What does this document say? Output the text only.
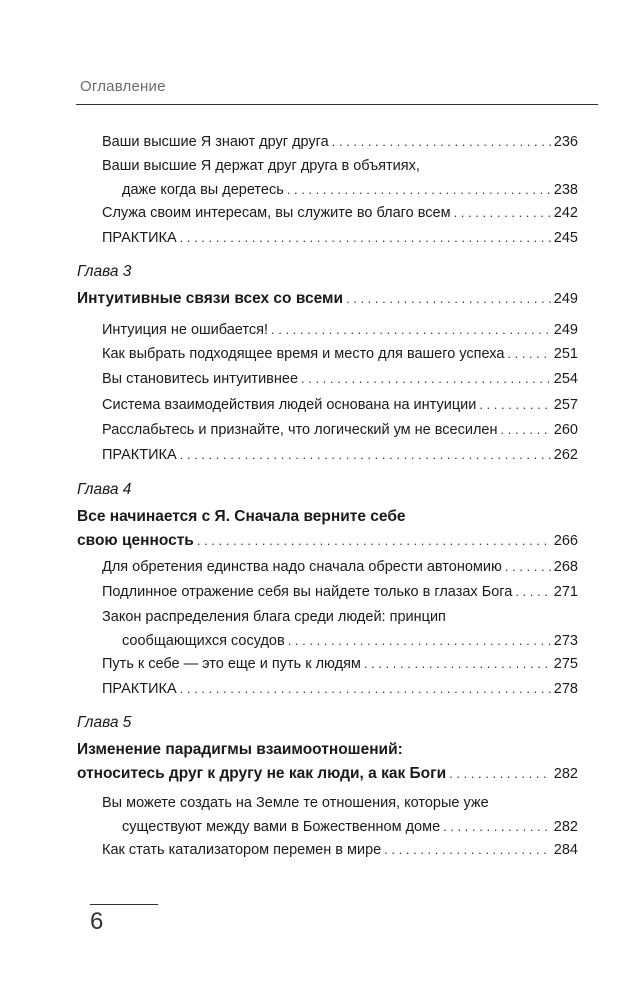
Оглавление
Ваши высшие Я знают друг друга . . .	236
Ваши высшие Я держат друг друга в объятиях,
даже когда вы деретесь . . .	238
Служа своим интересам, вы служите во благо всем . . .	242
ПРАКТИКА . . .	245
Глава 3
Интуитивные связи всех со всеми . . .	249
Интуиция не ошибается! . . .	249
Как выбрать подходящее время и место для вашего успеха . . .	251
Вы становитесь интуитивнее . . .	254
Система взаимодействия людей основана на интуиции . . .	257
Расслабьтесь и признайте, что логический ум не всесилен . . .	260
ПРАКТИКА . . .	262
Глава 4
Все начинается с Я. Сначала верните себе
свою ценность . . .	266
Для обретения единства надо сначала обрести автономию . . .	268
Подлинное отражение себя вы найдете только в глазах Бога . . .	271
Закон распределения блага среди людей: принцип
сообщающихся сосудов . . .	273
Путь к себе — это еще и путь к людям . . .	275
ПРАКТИКА . . .	278
Глава 5
Изменение парадигмы взаимоотношений:
относитесь друг к другу не как люди, а как Боги . . .	282
Вы можете создать на Земле те отношения, которые уже
существуют между вами в Божественном доме . . .	282
Как стать катализатором перемен в мире . . .	284
6
